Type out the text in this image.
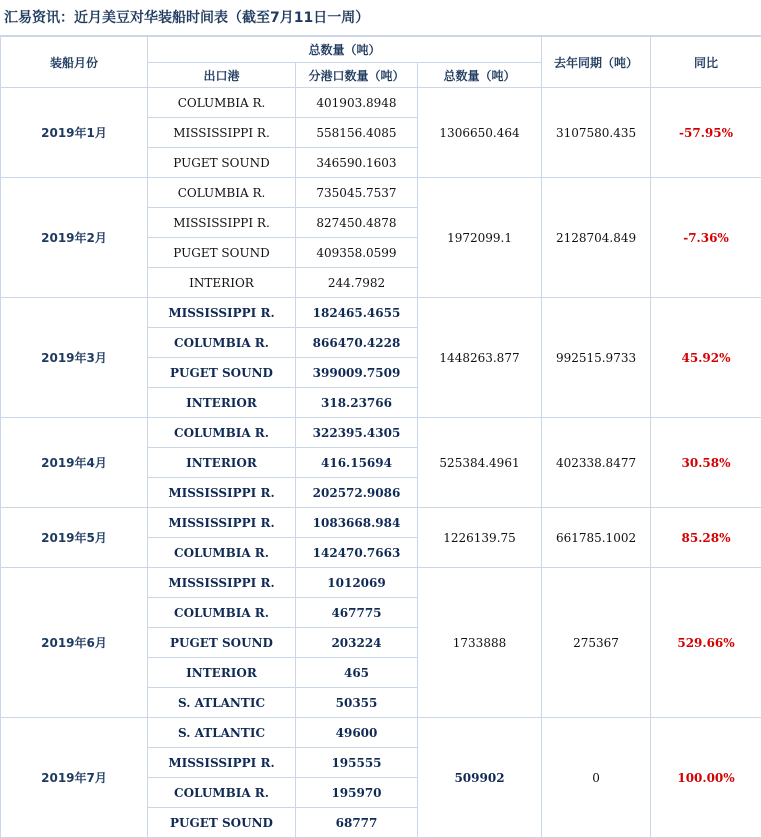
汇易资讯：近月美豆对华装船时间表（截至7月11日一周）
装船月份	总数量（吨）			去年同期（吨）	同比
	出口港	分港口数量（吨）	总数量（吨）		
2019年1月	COLUMBIA R.	401903.8948	1306650.464	3107580.435	-57.95%
	MISSISSIPPI R.	558156.4085			
	PUGET SOUND	346590.1603			
2019年2月	COLUMBIA R.	735045.7537	1972099.1	2128704.849	-7.36%
	MISSISSIPPI R.	827450.4878			
	PUGET SOUND	409358.0599			
	INTERIOR	244.7982			
2019年3月	MISSISSIPPI R.	182465.4655	1448263.877	992515.9733	45.92%
	COLUMBIA R.	866470.4228			
	PUGET SOUND	399009.7509			
	INTERIOR	318.23766			
2019年4月	COLUMBIA R.	322395.4305	525384.4961	402338.8477	30.58%
	INTERIOR	416.15694			
	MISSISSIPPI R.	202572.9086			
2019年5月	MISSISSIPPI R.	1083668.984	1226139.75	661785.1002	85.28%
	COLUMBIA R.	142470.7663			
2019年6月	MISSISSIPPI R.	1012069	1733888	275367	529.66%
	COLUMBIA R.	467775			
	PUGET SOUND	203224			
	INTERIOR	465			
	S. ATLANTIC	50355			
2019年7月	S. ATLANTIC	49600	509902	0	100.00%
	MISSISSIPPI R.	195555			
	COLUMBIA R.	195970			
	PUGET SOUND	68777			
